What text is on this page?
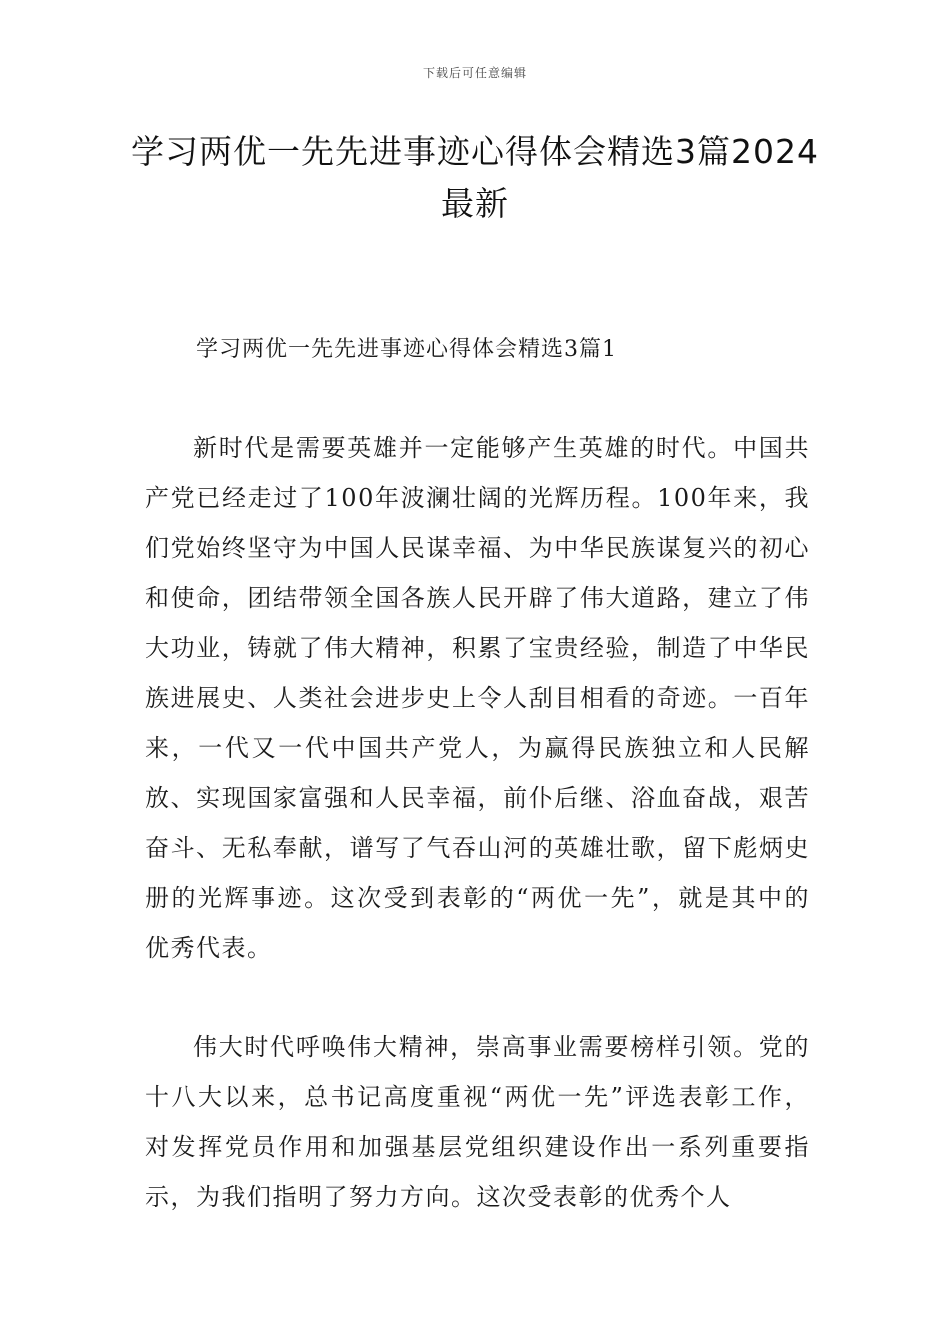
下载后可任意编辑
学习两优一先先进事迹心得体会精选3篇2024最新
学习两优一先先进事迹心得体会精选3篇1

新时代是需要英雄并一定能够产生英雄的时代。中国共产党已经走过了100年波澜壮阔的光辉历程。100年来，我们党始终坚守为中国人民谋幸福、为中华民族谋复兴的初心和使命，团结带领全国各族人民开辟了伟大道路，建立了伟大功业，铸就了伟大精神，积累了宝贵经验，制造了中华民族进展史、人类社会进步史上令人刮目相看的奇迹。一百年来，一代又一代中国共产党人，为赢得民族独立和人民解放、实现国家富强和人民幸福，前仆后继、浴血奋战，艰苦奋斗、无私奉献，谱写了气吞山河的英雄壮歌，留下彪炳史册的光辉事迹。这次受到表彰的“两优一先”，就是其中的优秀代表。

伟大时代呼唤伟大精神，崇高事业需要榜样引领。党的十八大以来，总书记高度重视“两优一先”评选表彰工作，对发挥党员作用和加强基层党组织建设作出一系列重要指示，为我们指明了努力方向。这次受表彰的优秀个人
